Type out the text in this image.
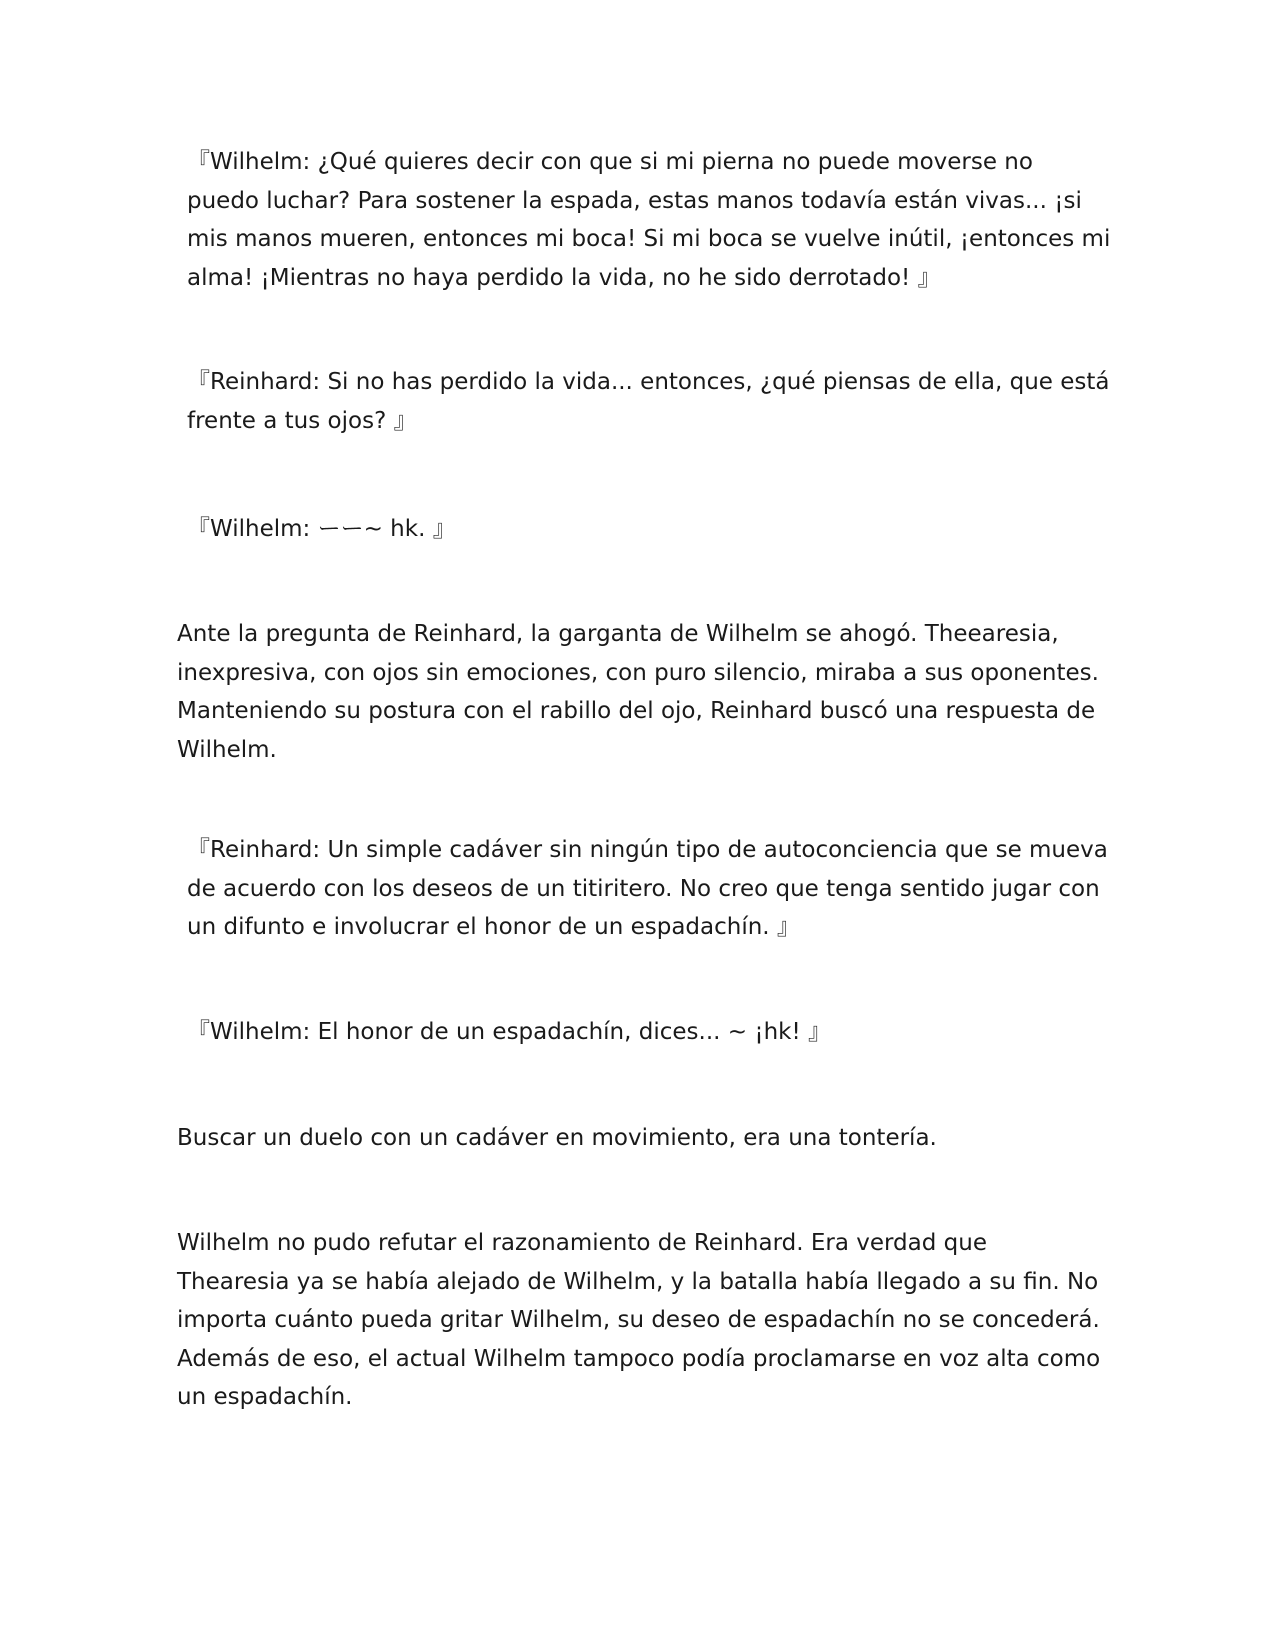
『Wilhelm: ¿Qué quieres decir con que si mi pierna no puede moverse no puedo luchar? Para sostener la espada, estas manos todavía están vivas... ¡si mis manos mueren, entonces mi boca! Si mi boca se vuelve inútil, ¡entonces mi alma! ¡Mientras no haya perdido la vida, no he sido derrotado! 』

『Reinhard: Si no has perdido la vida... entonces, ¿qué piensas de ella, que está frente a tus ojos? 』

『Wilhelm: ーー~ hk. 』

Ante la pregunta de Reinhard, la garganta de Wilhelm se ahogó. Theearesia, inexpresiva, con ojos sin emociones, con puro silencio, miraba a sus oponentes. Manteniendo su postura con el rabillo del ojo, Reinhard buscó una respuesta de Wilhelm.

『Reinhard: Un simple cadáver sin ningún tipo de autoconciencia que se mueva de acuerdo con los deseos de un titiritero. No creo que tenga sentido jugar con un difunto e involucrar el honor de un espadachín. 』

『Wilhelm: El honor de un espadachín, dices... ~ ¡hk! 』

Buscar un duelo con un cadáver en movimiento, era una tontería.

Wilhelm no pudo refutar el razonamiento de Reinhard. Era verdad que Thearesia ya se había alejado de Wilhelm, y la batalla había llegado a su fin. No importa cuánto pueda gritar Wilhelm, su deseo de espadachín no se concederá. Además de eso, el actual Wilhelm tampoco podía proclamarse en voz alta como un espadachín.
